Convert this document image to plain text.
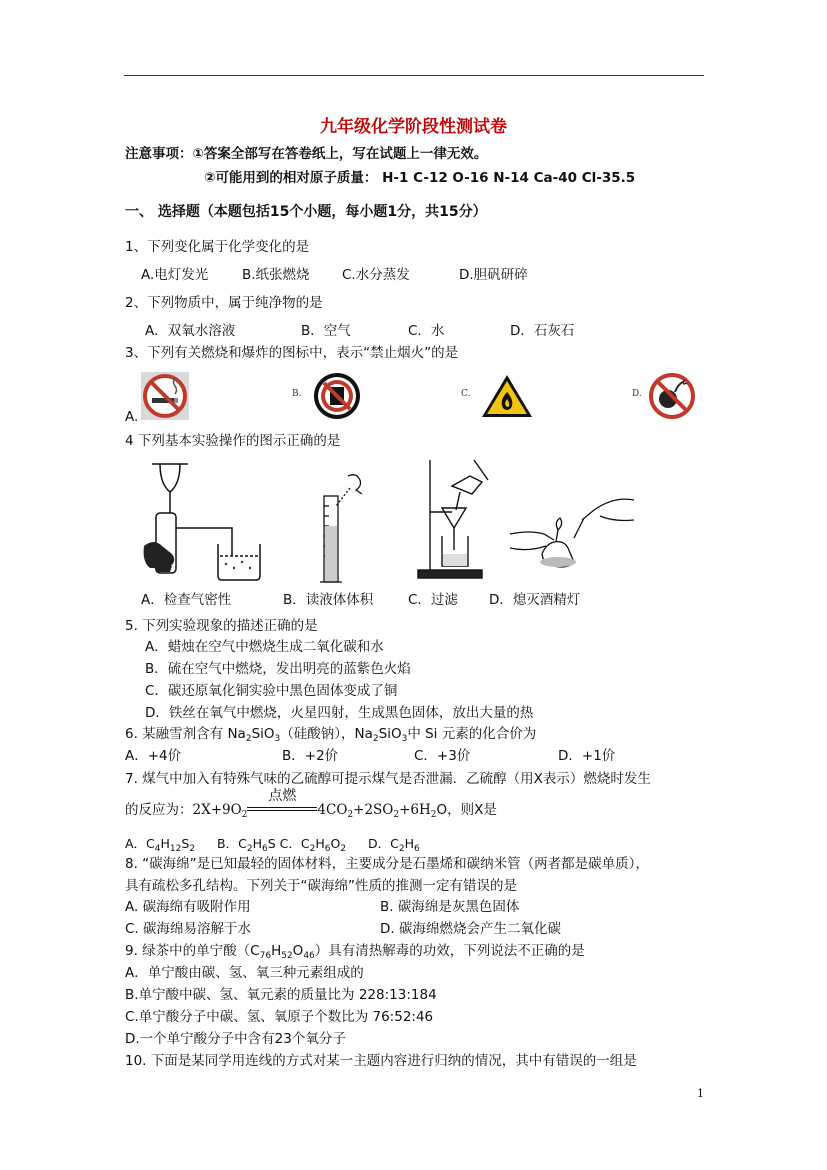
九年级化学阶段性测试卷
注意事项：①答案全部写在答卷纸上，写在试题上一律无效。
②可能用到的相对原子质量： H-1 C-12 O-16 N-14 Ca-40 Cl-35.5
一、 选择题（本题包括15个小题，每小题1分，共15分）
1、下列变化属于化学变化的是
A.电灯发光 B.纸张燃烧 C.水分蒸发	D.胆矾研碎
2、下列物质中，属于纯净物的是
A．双氧水溶液	B．空气	C．水	D．石灰石
3、下列有关燃烧和爆炸的图标中，表示“禁止烟火”的是
A.
B.	C.	D.
4 下列基本实验操作的图示正确的是
A．检查气密性	B．读液体体积	C．过滤 D．熄灭酒精灯
5. 下列实验现象的描述正确的是
A．蜡烛在空气中燃烧生成二氧化碳和水
B．硫在空气中燃烧，发出明亮的蓝紫色火焰
C．碳还原氧化铜实验中黑色固体变成了铜
D．铁丝在氧气中燃烧，火星四射，生成黑色固体，放出大量的热
6. 某融雪剂含有 $Na_2SiO_3$（硅酸钠），$Na_2SiO_3$中 Si 元素的化合价为
A．+4价	B．+2价	C．+3价	D．+1价
7. 煤气中加入有特殊气味的乙硫醇可提示煤气是否泄漏．乙硫醇（用X表示）燃烧时发生
的反应为：$2X+9O_2$
点燃
$4CO_2+2SO_2+6H_2O$，则X是
A．$C_4H_{12}S_2$ B．$C_2H_6S$ C．$C_2H_6O_2$ D．$C_2H_6$
8. “碳海绵”是已知最轻的固体材料，主要成分是石墨烯和碳纳米管（两者都是碳单质），
具有疏松多孔结构。下列关于“碳海绵”性质的推测一定有错误的是
A. 碳海绵有吸附作用	B. 碳海绵是灰黑色固体
C. 碳海绵易溶解于水	D. 碳海绵燃烧会产生二氧化碳
9. 绿茶中的单宁酸$(C_{76}H_{52}O_{46})$具有清热解毒的功效，下列说法不正确的是
A．单宁酸由碳、氢、氧三种元素组成的
B.单宁酸中碳、氢、氧元素的质量比为 228:13:184
C.单宁酸分子中碳、氢、氧原子个数比为 76:52:46
D.一个单宁酸分子中含有23个氧分子
10. 下面是某同学用连线的方式对某一主题内容进行归纳的情况，其中有错误的一组是
1
